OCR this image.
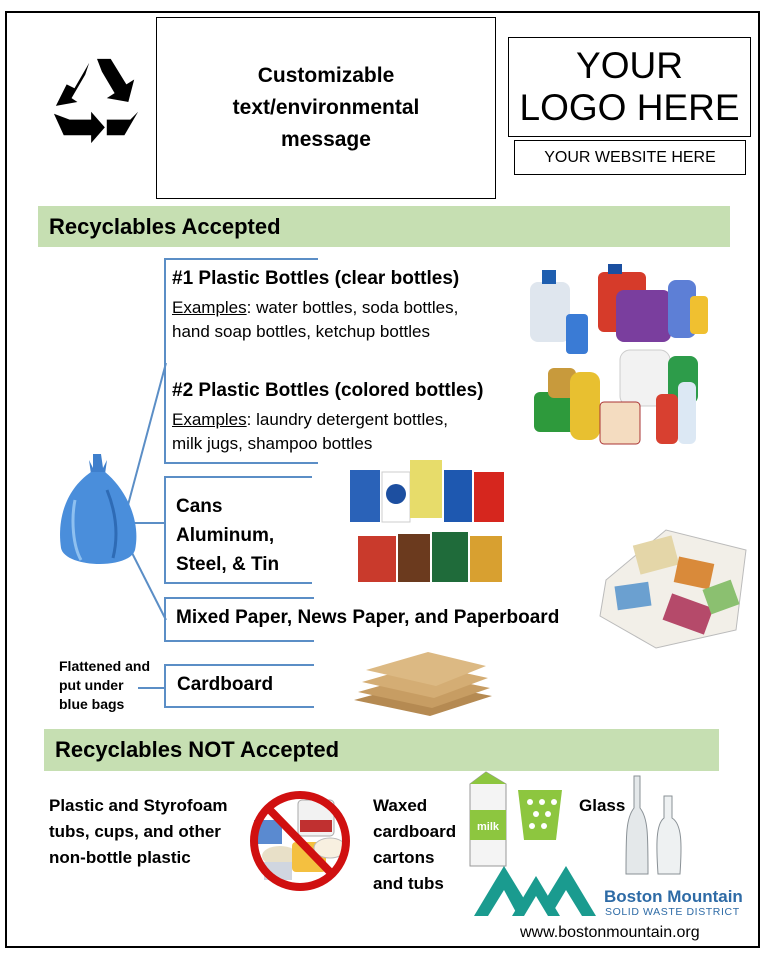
Customizable
text/environmental
message
YOUR
LOGO HERE
YOUR WEBSITE HERE
Recyclables Accepted
#1 Plastic Bottles (clear bottles)
Examples: water bottles, soda bottles,
hand soap bottles, ketchup bottles
#2 Plastic Bottles (colored bottles)
Examples: laundry detergent bottles,
milk jugs, shampoo bottles
Cans
Aluminum,
Steel, & Tin
Mixed Paper, News Paper, and Paperboard
Cardboard
Flattened and
put under
blue bags
Recyclables NOT Accepted
Plastic and Styrofoam
tubs, cups, and other
non-bottle plastic
Waxed
cardboard
cartons
and tubs
milk
Glass
Boston Mountain
SOLID WASTE DISTRICT
www.bostonmountain.org
